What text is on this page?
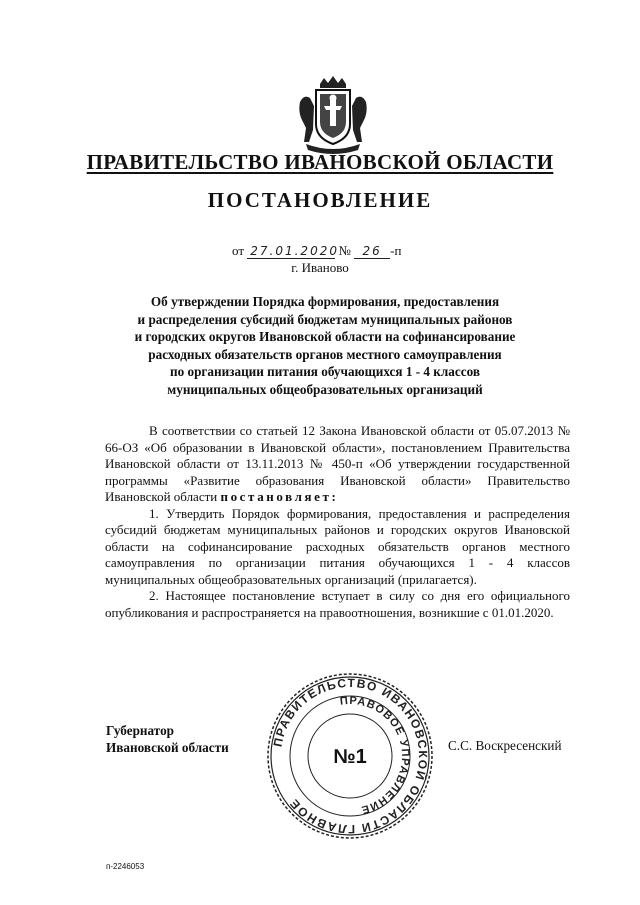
ПРАВИТЕЛЬСТВО ИВАНОВСКОЙ ОБЛАСТИ
ПОСТАНОВЛЕНИЕ
от 27.01.2020 № 26 -п
г. Иваново
Об утверждении Порядка формирования, предоставления
и распределения субсидий бюджетам муниципальных районов
и городских округов Ивановской области на софинансирование
расходных обязательств органов местного самоуправления
по организации питания обучающихся 1 - 4 классов
муниципальных общеобразовательных организаций

В соответствии со статьей 12 Закона Ивановской области от 05.07.2013 № 66-ОЗ «Об образовании в Ивановской области», постановлением Правительства Ивановской области от 13.11.2013 № 450-п «Об утверждении государственной программы «Развитие образования Ивановской области» Правительство Ивановской области постановляет:

1. Утвердить Порядок формирования, предоставления и распределения субсидий бюджетам муниципальных районов и городских округов Ивановской области на софинансирование расходных обязательств органов местного самоуправления по организации питания обучающихся 1 - 4 классов муниципальных общеобразовательных организаций (прилагается).

2. Настоящее постановление вступает в силу со дня его официального опубликования и распространяется на правоотношения, возникшие с 01.01.2020.

Губернатор
Ивановской области	ПРАВИТЕЛЬСТВО ИВАНОВСКОЙ ОБЛАСТИ ГЛАВНОЕ
ПРАВОВОЕ УПРАВЛЕНИЕ
№1
С.С. Воскресенский
п-2246053
